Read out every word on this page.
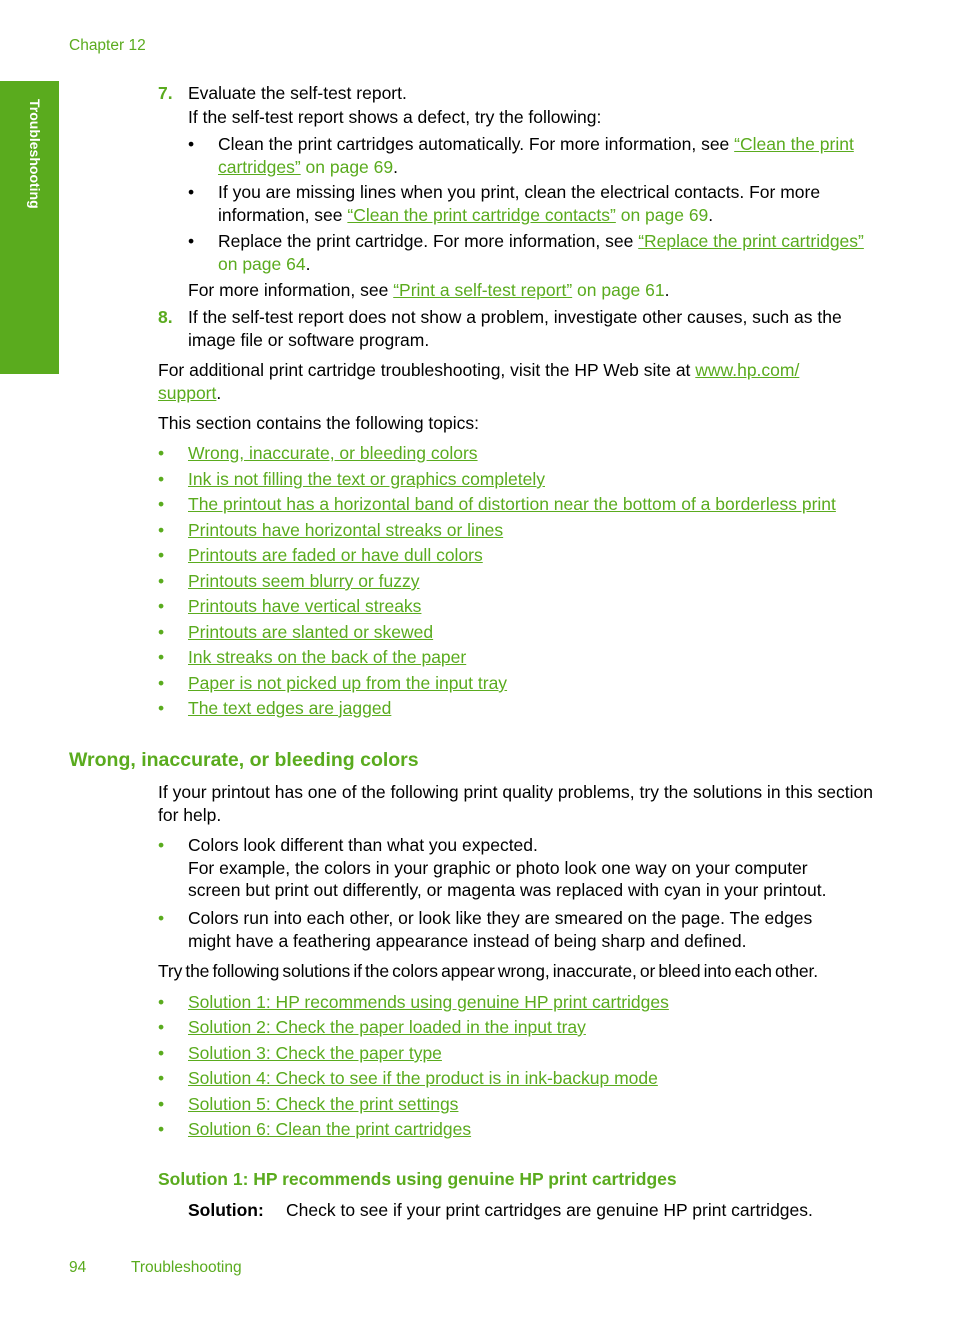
Chapter 12
Troubleshooting
7. Evaluate the self-test report.
If the self-test report shows a defect, try the following:
• Clean the print cartridges automatically. For more information, see “Clean the print cartridges” on page 69.
• If you are missing lines when you print, clean the electrical contacts. For more information, see “Clean the print cartridge contacts” on page 69.
• Replace the print cartridge. For more information, see “Replace the print cartridges” on page 64.
For more information, see “Print a self-test report” on page 61.
8. If the self-test report does not show a problem, investigate other causes, such as the image file or software program.
For additional print cartridge troubleshooting, visit the HP Web site at www.hp.com/
support.
This section contains the following topics:
• Wrong, inaccurate, or bleeding colors
• Ink is not filling the text or graphics completely
• The printout has a horizontal band of distortion near the bottom of a borderless print
• Printouts have horizontal streaks or lines
• Printouts are faded or have dull colors
• Printouts seem blurry or fuzzy
• Printouts have vertical streaks
• Printouts are slanted or skewed
• Ink streaks on the back of the paper
• Paper is not picked up from the input tray
• The text edges are jagged
Wrong, inaccurate, or bleeding colors
If your printout has one of the following print quality problems, try the solutions in this section for help.
• Colors look different than what you expected.
For example, the colors in your graphic or photo look one way on your computer screen but print out differently, or magenta was replaced with cyan in your printout.
• Colors run into each other, or look like they are smeared on the page. The edges might have a feathering appearance instead of being sharp and defined.
Try the following solutions if the colors appear wrong, inaccurate, or bleed into each other.
• Solution 1: HP recommends using genuine HP print cartridges
• Solution 2: Check the paper loaded in the input tray
• Solution 3: Check the paper type
• Solution 4: Check to see if the product is in ink-backup mode
• Solution 5: Check the print settings
• Solution 6: Clean the print cartridges
Solution 1: HP recommends using genuine HP print cartridges
Solution: Check to see if your print cartridges are genuine HP print cartridges.
94	Troubleshooting
